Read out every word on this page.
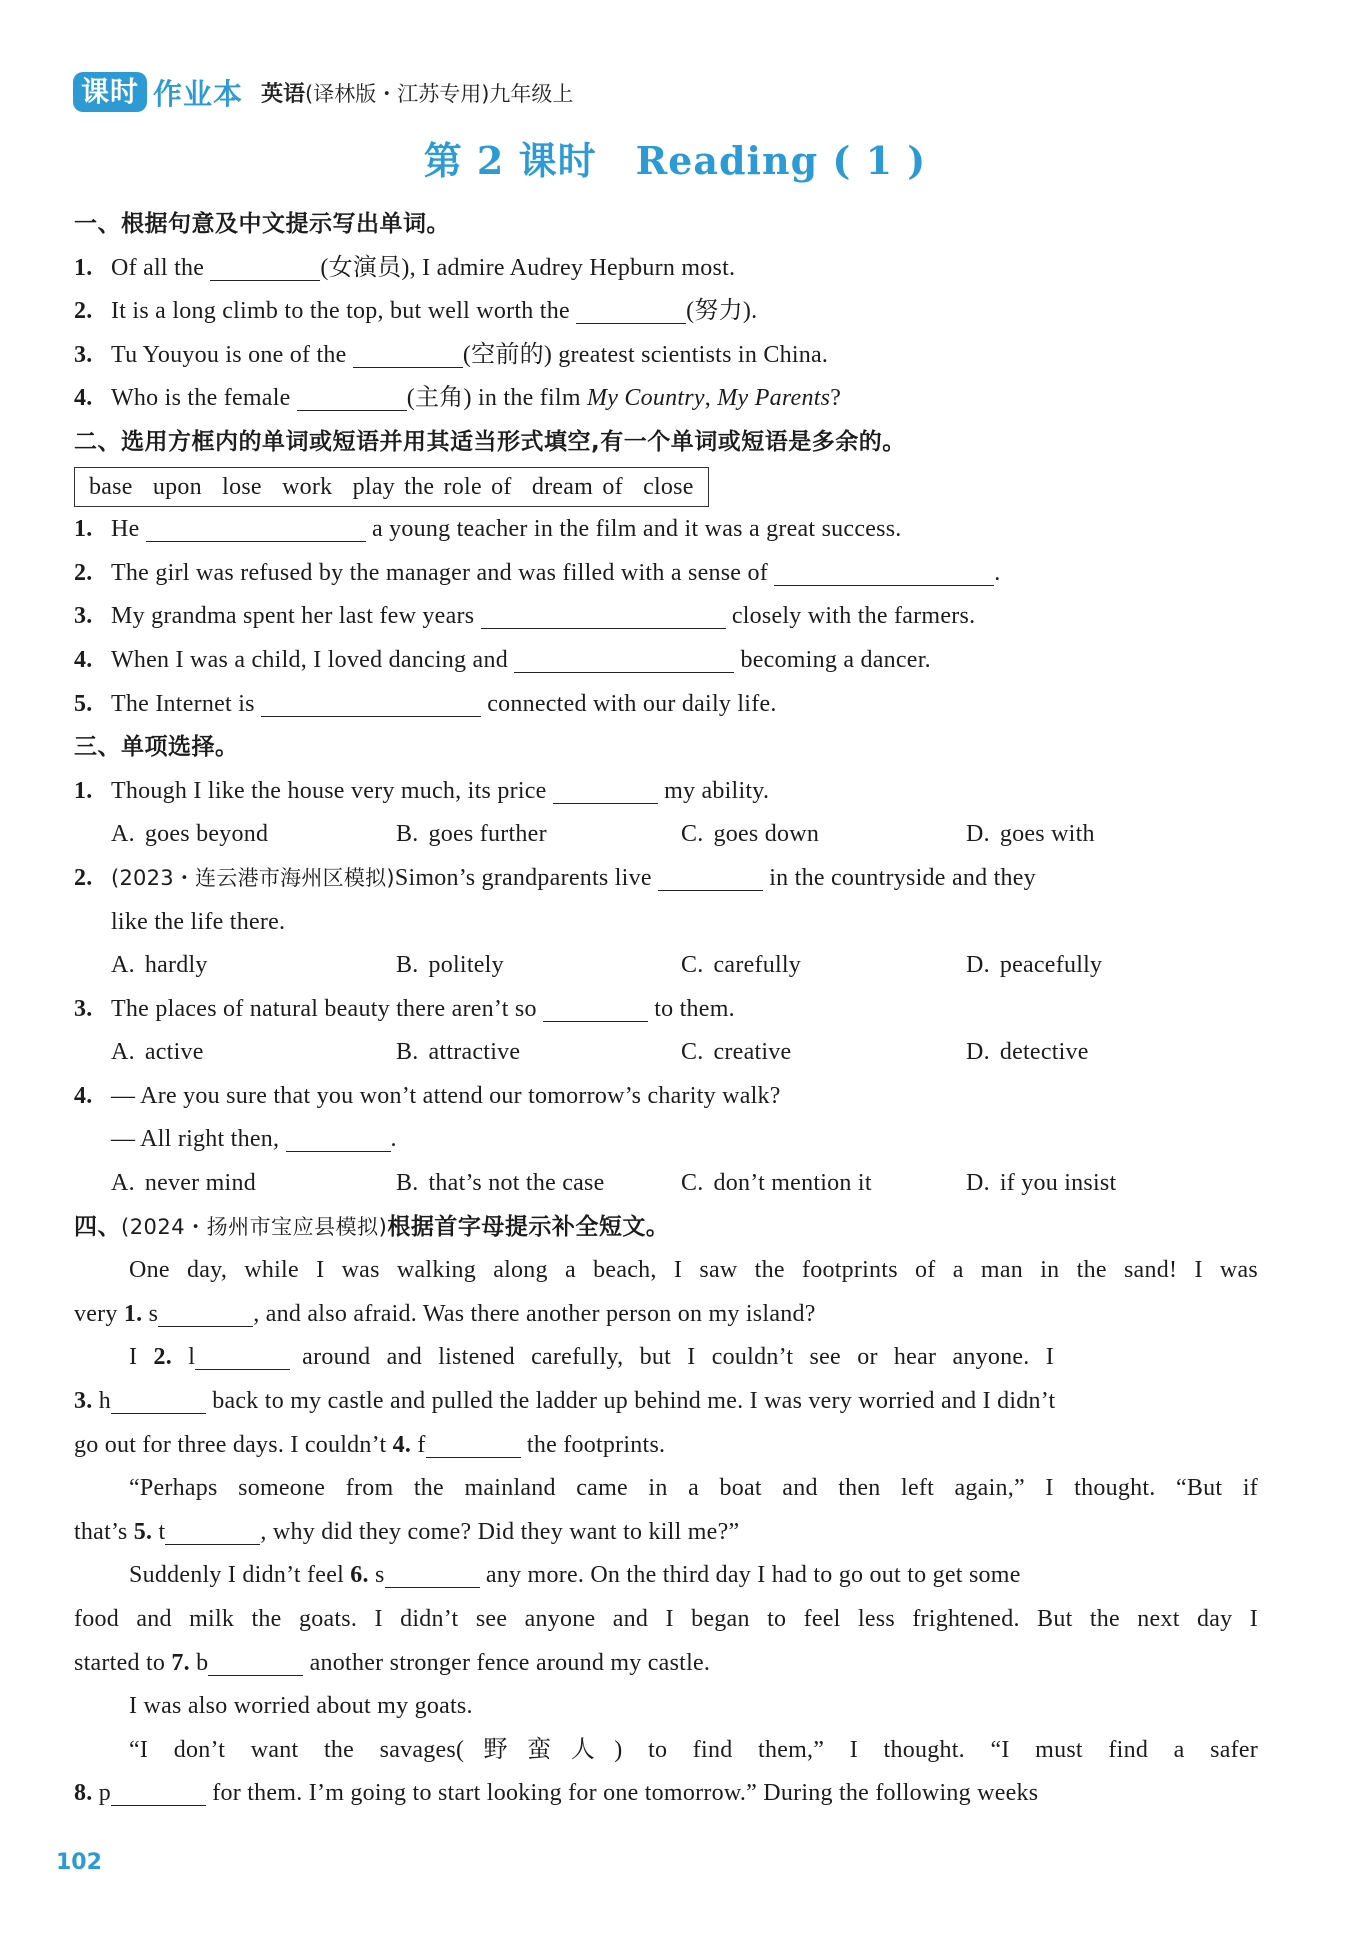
课时 作业本 英语(译林版・江苏专用)九年级上
第 2 课时　Reading ( 1 )
一、根据句意及中文提示写出单词。
1. Of all the	(女演员), I admire Audrey Hepburn most.
2. It is a long climb to the top, but well worth the	(努力).
3. Tu Youyou is one of the	(空前的) greatest scientists in China.
4. Who is the female	(主角) in the film My Country, My Parents?
二、选用方框内的单词或短语并用其适当形式填空,有一个单词或短语是多余的。
base upon lose work play the role of dream of close
1. He	a young teacher in the film and it was a great success.
2. The girl was refused by the manager and was filled with a sense of	.
3. My grandma spent her last few years	closely with the farmers.
4. When I was a child, I loved dancing and	becoming a dancer.
5. The Internet is	connected with our daily life.
三、单项选择。
1. Though I like the house very much, its price	my ability.
A. goes beyond	B. goes further	C. goes down	D. goes with
2. (2023・连云港市海州区模拟)Simon’s grandparents live	in the countryside and they
like the life there.
A. hardly	B. politely	C. carefully	D. peacefully
3. The places of natural beauty there aren’t so	to them.
A. active	B. attractive	C. creative	D. detective
4. — Are you sure that you won’t attend our tomorrow’s charity walk?
— All right then,	.
A. never mind	B. that’s not the case	C. don’t mention it	D. if you insist
四、(2024・扬州市宝应县模拟)根据首字母提示补全短文。
One day, while I was walking along a beach, I saw the footprints of a man in the sand! I was
very 1. s	, and also afraid. Was there another person on my island?
I 2. l	around and listened carefully, but I couldn’t see or hear anyone. I
3. h	back to my castle and pulled the ladder up behind me. I was very worried and I didn’t
go out for three days. I couldn’t 4. f	the footprints.
“Perhaps someone from the mainland came in a boat and then left again,” I thought. “But if
that’s 5. t	, why did they come? Did they want to kill me?”
Suddenly I didn’t feel 6. s	any more. On the third day I had to go out to get some
food and milk the goats. I didn’t see anyone and I began to feel less frightened. But the next day I
started to 7. b	another stronger fence around my castle.
I was also worried about my goats.
“I don’t want the savages(野蛮人) to find them,” I thought. “I must find a safer
8. p	for them. I’m going to start looking for one tomorrow.” During the following weeks
102
